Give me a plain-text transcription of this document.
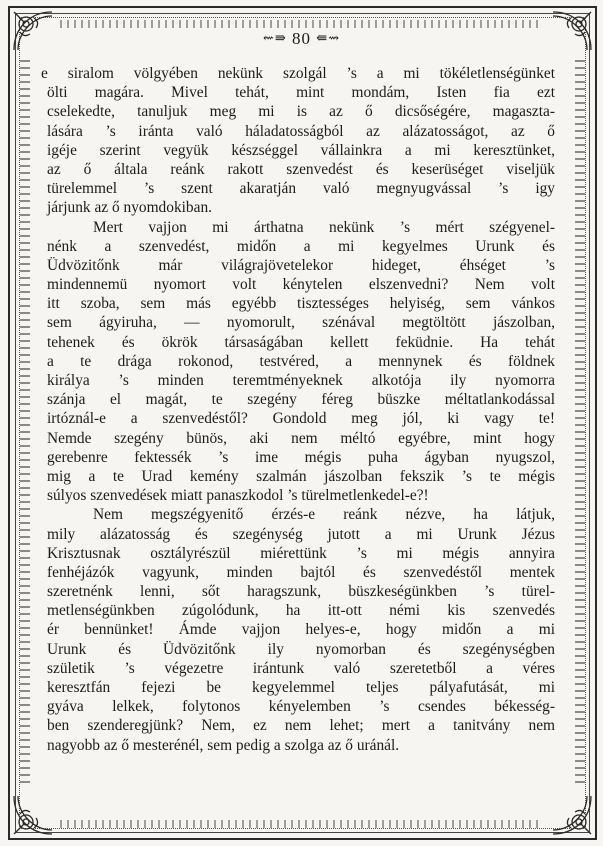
⇜⇛ 80 ⇚⇝
e siralom völgyében nekünk szolgál ’s a mi tökéletlenségünket
ölti magára. Mivel tehát, mint mondám, Isten fia ezt
cselekedte, tanuljuk meg mi is az ő dicsőségére, magaszta-
lására ’s iránta való háladatosságból az alázatosságot, az ő
igéje szerint vegyük készséggel vállainkra a mi keresztünket,
az ő általa reánk rakott szenvedést és keserüséget viseljük
türelemmel ’s szent akaratján való megnyugvással ’s igy
járjunk az ő nyomdokiban.
Mert vajjon mi árthatna nekünk ’s mért szégyenel-
nénk a szenvedést, midőn a mi kegyelmes Urunk és
Üdvözitőnk már világrajövetelekor hideget, éhséget ’s
mindennemü nyomort volt kénytelen elszenvedni? Nem volt
itt szoba, sem más egyébb tisztességes helyiség, sem vánkos
sem ágyiruha, — nyomorult, szénával megtöltött jászolban,
tehenek és ökrök társaságában kellett feküdnie. Ha tehát
a te drága rokonod, testvéred, a mennynek és földnek
királya ’s minden teremtményeknek alkotója ily nyomorra
szánja el magát, te szegény féreg büszke méltatlankodással
irtóznál-e a szenvedéstől? Gondold meg jól, ki vagy te!
Nemde szegény bünös, aki nem méltó egyébre, mint hogy
gerebenre fektessék ’s ime mégis puha ágyban nyugszol,
mig a te Urad kemény szalmán jászolban fekszik ’s te mégis
súlyos szenvedések miatt panaszkodol ’s türelmetlenkedel-e?!
Nem megszégyenitő érzés-e reánk nézve, ha látjuk,
mily alázatosság és szegénység jutott a mi Urunk Jézus
Krisztusnak osztályrészül miérettünk ’s mi mégis annyira
fenhéjázók vagyunk, minden bajtól és szenvedéstől mentek
szeretnénk lenni, sőt haragszunk, büszkeségünkben ’s türel-
metlenségünkben zúgolódunk, ha itt-ott némi kis szenvedés
ér bennünket! Ámde vajjon helyes-e, hogy midőn a mi
Urunk és Üdvözitőnk ily nyomorban és szegénységben
születik ’s végezetre irántunk való szeretetből a véres
keresztfán fejezi be kegyelemmel teljes pályafutását, mi
gyáva lelkek, folytonos kényelemben ’s csendes békesség-
ben szenderegjünk? Nem, ez nem lehet; mert a tanitvány nem
nagyobb az ő mesterénél, sem pedig a szolga az ő uránál.
